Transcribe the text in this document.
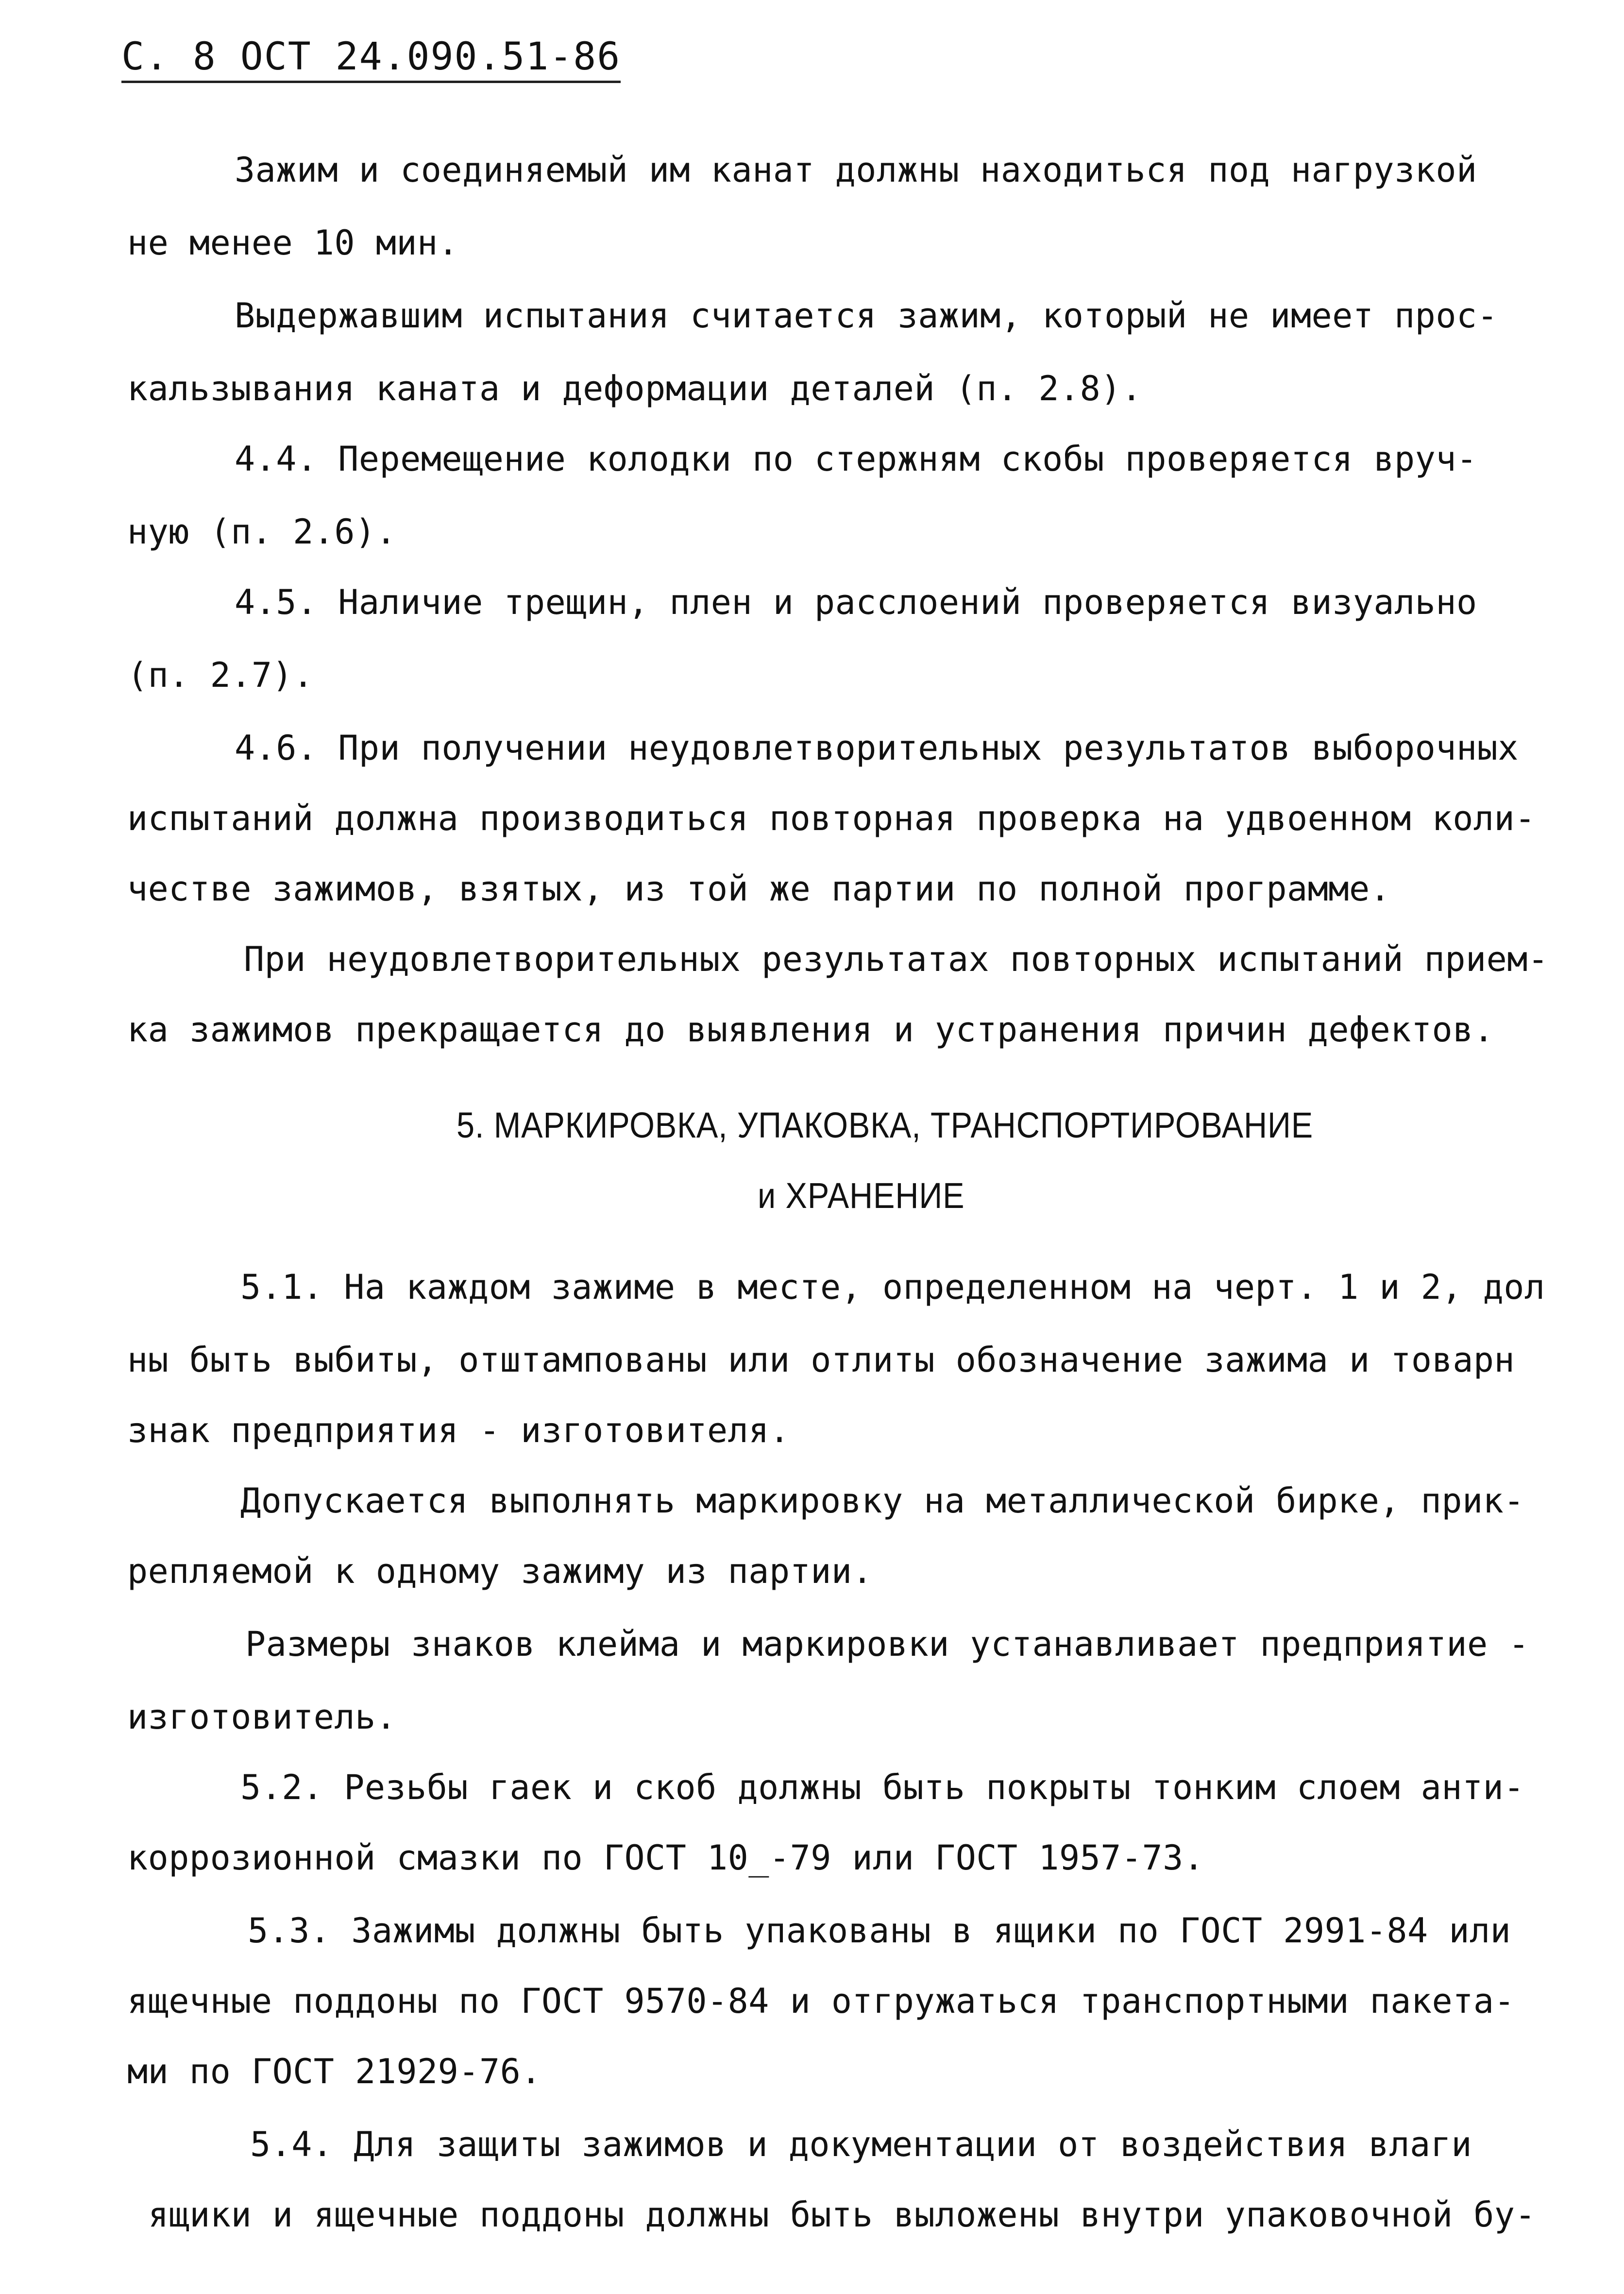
С. 8 ОСТ 24.090.51-86
Зажим и соединяемый им канат должны находиться под нагрузкой
не менее 10 мин.
Выдержавшим испытания считается зажим, который не имеет прос-
кальзывания каната и деформации деталей (п. 2.8).
4.4. Перемещение колодки по стержням скобы проверяется вруч-
ную (п. 2.6).
4.5. Наличие трещин, плен и расслоений проверяется визуально
(п. 2.7).
4.6. При получении неудовлетворительных результатов выборочных
испытаний должна производиться повторная проверка на удвоенном коли-
честве зажимов, взятых, из той же партии по полной программе.
При неудовлетворительных результатах повторных испытаний прием-
ка зажимов прекращается до выявления и устранения причин дефектов.
5. МАРКИРОВКА, УПАКОВКА, ТРАНСПОРТИРОВАНИЕ
и ХРАНЕНИЕ
5.1. На каждом зажиме в месте, определенном на черт. 1 и 2, дол
ны быть выбиты, отштампованы или отлиты обозначение зажима и товарн
знак предприятия - изготовителя.
Допускается выполнять маркировку на металлической бирке, прик-
репляемой к одному зажиму из партии.
Размеры знаков клейма и маркировки устанавливает предприятие -
изготовитель.
5.2. Резьбы гаек и скоб должны быть покрыты тонким слоем анти-
коррозионной смазки по ГОСТ 10_-79 или ГОСТ 1957-73.
5.3. Зажимы должны быть упакованы в ящики по ГОСТ 2991-84 или
ящечные поддоны по ГОСТ 9570-84 и отгружаться транспортными пакета-
ми по ГОСТ 21929-76.
5.4. Для защиты зажимов и документации от воздействия влаги
ящики и ящечные поддоны должны быть выложены внутри упаковочной бу-
